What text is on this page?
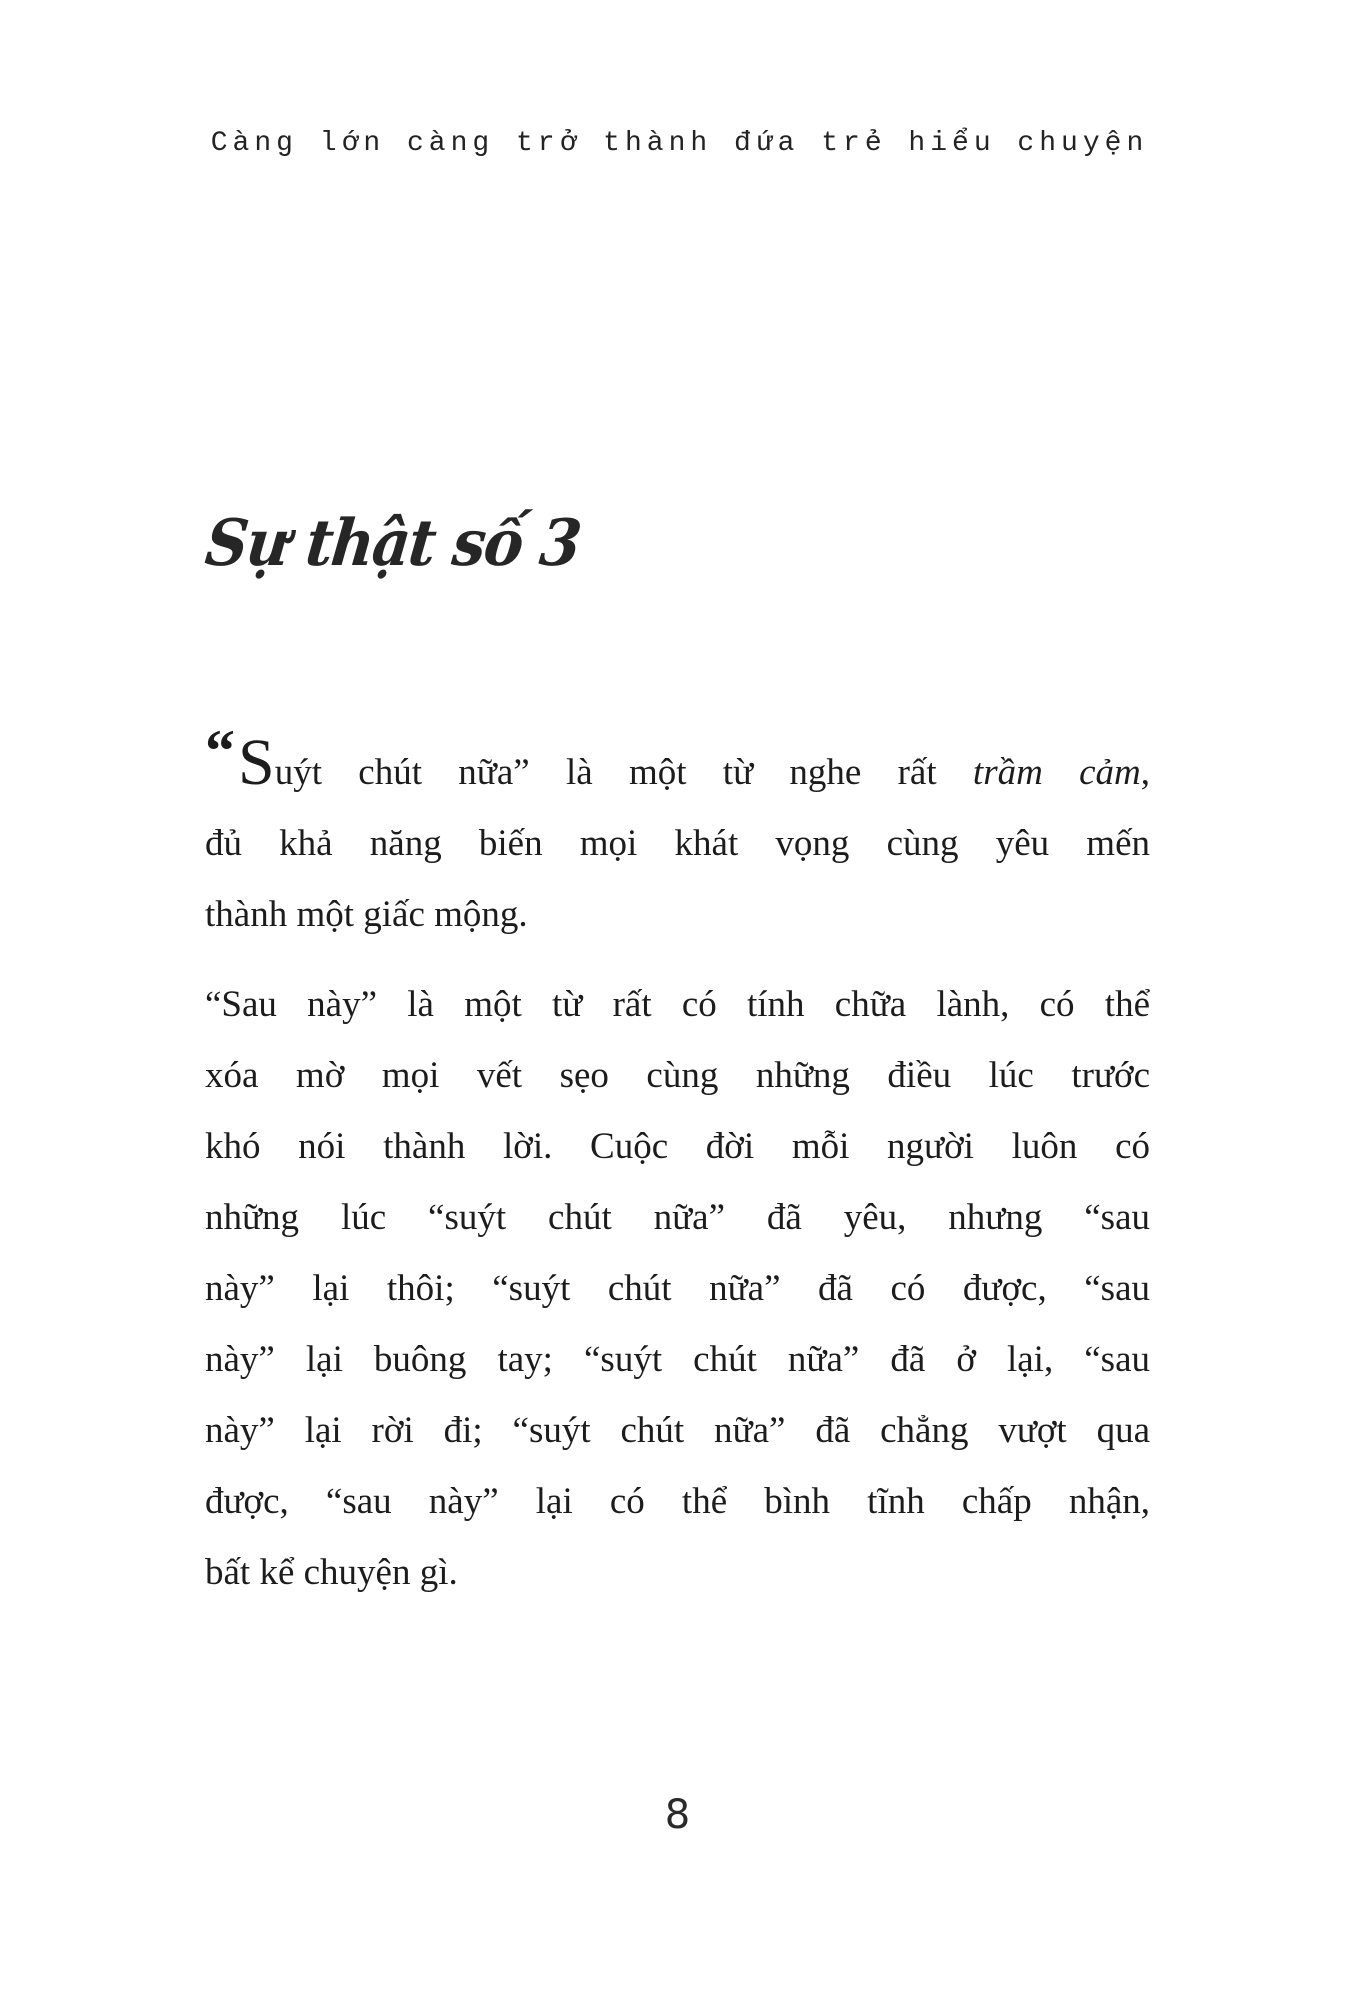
Càng lớn càng trở thành đứa trẻ hiểu chuyện
Sự thật số 3
“Suýt chút nữa” là một từ nghe rất trầm cảm,
đủ khả năng biến mọi khát vọng cùng yêu mến
thành một giấc mộng.
“Sau này” là một từ rất có tính chữa lành, có thể
xóa mờ mọi vết sẹo cùng những điều lúc trước
khó nói thành lời. Cuộc đời mỗi người luôn có
những lúc “suýt chút nữa” đã yêu, nhưng “sau
này” lại thôi; “suýt chút nữa” đã có được, “sau
này” lại buông tay; “suýt chút nữa” đã ở lại, “sau
này” lại rời đi; “suýt chút nữa” đã chẳng vượt qua
được, “sau này” lại có thể bình tĩnh chấp nhận,
bất kể chuyện gì.
8
